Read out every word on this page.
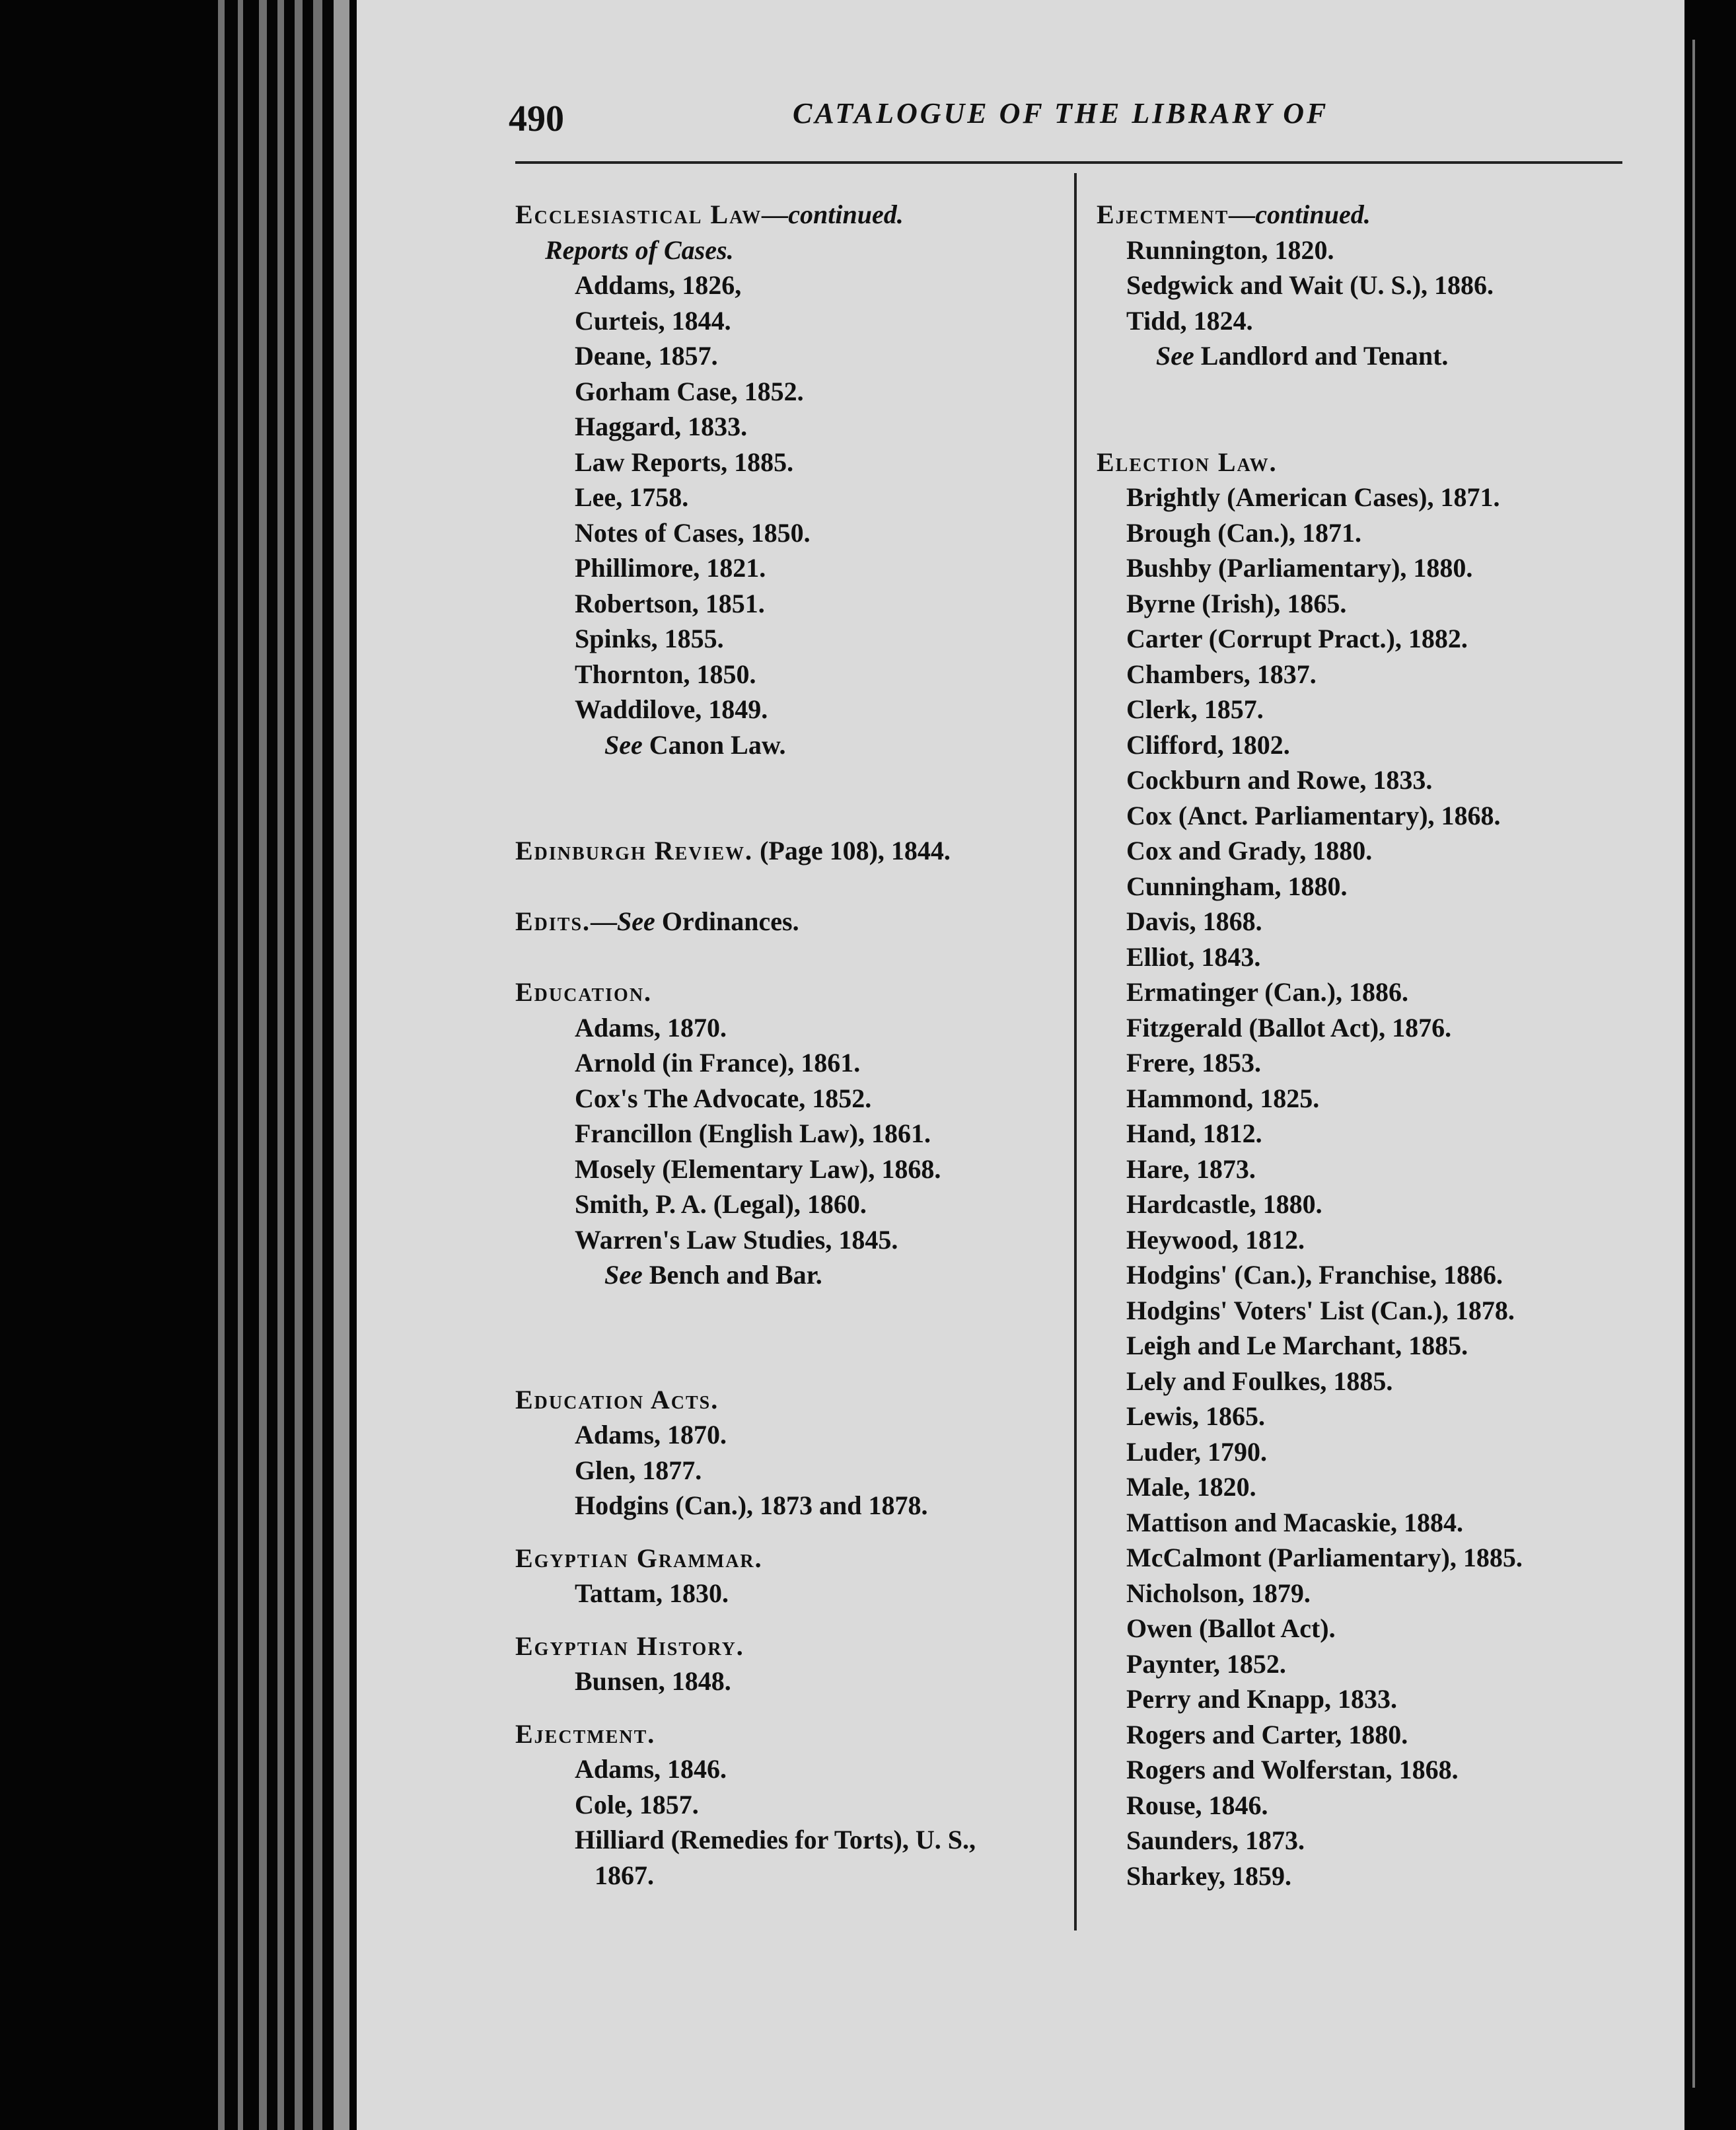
490	CATALOGUE OF THE LIBRARY OF
Ecclesiastical Law—continued.
Reports of Cases.
Addams, 1826,
Curteis, 1844.
Deane, 1857.
Gorham Case, 1852.
Haggard, 1833.
Law Reports, 1885.
Lee, 1758.
Notes of Cases, 1850.
Phillimore, 1821.
Robertson, 1851.
Spinks, 1855.
Thornton, 1850.
Waddilove, 1849.
See Canon Law.
Edinburgh Review. (Page 108), 1844.
Edits.—See Ordinances.
Education.
Adams, 1870.
Arnold (in France), 1861.
Cox's The Advocate, 1852.
Francillon (English Law), 1861.
Mosely (Elementary Law), 1868.
Smith, P. A. (Legal), 1860.
Warren's Law Studies, 1845.
See Bench and Bar.
Education Acts.
Adams, 1870.
Glen, 1877.
Hodgins (Can.), 1873 and 1878.
Egyptian Grammar.
Tattam, 1830.
Egyptian History.
Bunsen, 1848.
Ejectment.
Adams, 1846.
Cole, 1857.
Hilliard (Remedies for Torts), U. S.,
1867.
Ejectment—continued.
Runnington, 1820.
Sedgwick and Wait (U. S.), 1886.
Tidd, 1824.
See Landlord and Tenant.
Election Law.
Brightly (American Cases), 1871.
Brough (Can.), 1871.
Bushby (Parliamentary), 1880.
Byrne (Irish), 1865.
Carter (Corrupt Pract.), 1882.
Chambers, 1837.
Clerk, 1857.
Clifford, 1802.
Cockburn and Rowe, 1833.
Cox (Anct. Parliamentary), 1868.
Cox and Grady, 1880.
Cunningham, 1880.
Davis, 1868.
Elliot, 1843.
Ermatinger (Can.), 1886.
Fitzgerald (Ballot Act), 1876.
Frere, 1853.
Hammond, 1825.
Hand, 1812.
Hare, 1873.
Hardcastle, 1880.
Heywood, 1812.
Hodgins' (Can.), Franchise, 1886.
Hodgins' Voters' List (Can.), 1878.
Leigh and Le Marchant, 1885.
Lely and Foulkes, 1885.
Lewis, 1865.
Luder, 1790.
Male, 1820.
Mattison and Macaskie, 1884.
McCalmont (Parliamentary), 1885.
Nicholson, 1879.
Owen (Ballot Act).
Paynter, 1852.
Perry and Knapp, 1833.
Rogers and Carter, 1880.
Rogers and Wolferstan, 1868.
Rouse, 1846.
Saunders, 1873.
Sharkey, 1859.
